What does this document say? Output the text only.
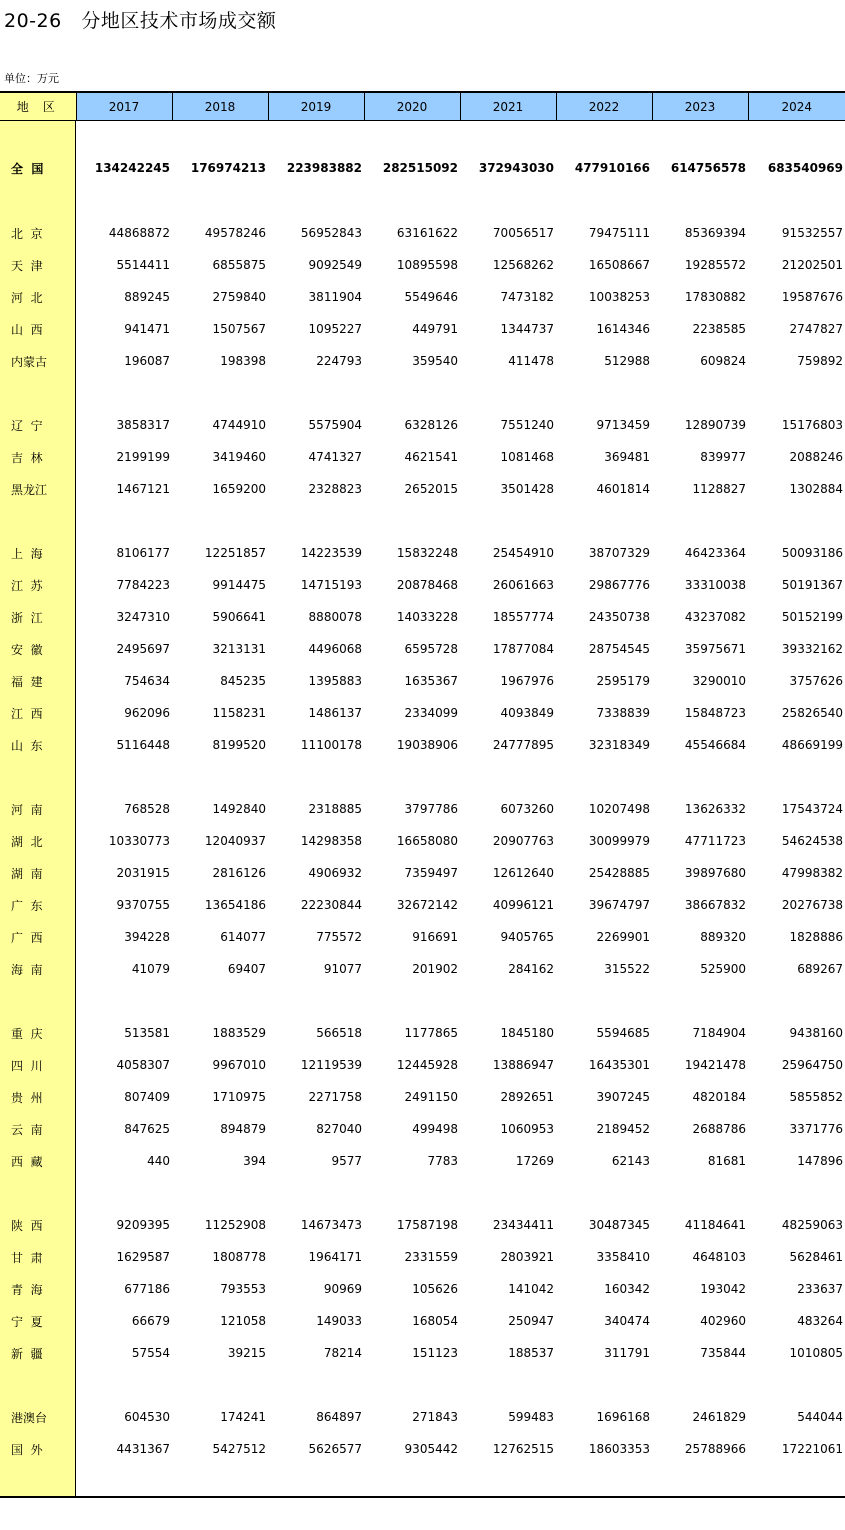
20-26   分地区技术市场成交额
单位：万元
地区	2017	2018	2019	2020	2021	2022	2023	2024

全  国	134242245	176974213	223983882	282515092	372943030	477910166	614756578	683540969

北  京	44868872	49578246	56952843	63161622	70056517	79475111	85369394	91532557
天  津	5514411	6855875	9092549	10895598	12568262	16508667	19285572	21202501
河  北	889245	2759840	3811904	5549646	7473182	10038253	17830882	19587676
山  西	941471	1507567	1095227	449791	1344737	1614346	2238585	2747827
内蒙古	196087	198398	224793	359540	411478	512988	609824	759892

辽  宁	3858317	4744910	5575904	6328126	7551240	9713459	12890739	15176803
吉  林	2199199	3419460	4741327	4621541	1081468	369481	839977	2088246
黑龙江	1467121	1659200	2328823	2652015	3501428	4601814	1128827	1302884

上  海	8106177	12251857	14223539	15832248	25454910	38707329	46423364	50093186
江  苏	7784223	9914475	14715193	20878468	26061663	29867776	33310038	50191367
浙  江	3247310	5906641	8880078	14033228	18557774	24350738	43237082	50152199
安  徽	2495697	3213131	4496068	6595728	17877084	28754545	35975671	39332162
福  建	754634	845235	1395883	1635367	1967976	2595179	3290010	3757626
江  西	962096	1158231	1486137	2334099	4093849	7338839	15848723	25826540
山  东	5116448	8199520	11100178	19038906	24777895	32318349	45546684	48669199

河  南	768528	1492840	2318885	3797786	6073260	10207498	13626332	17543724
湖  北	10330773	12040937	14298358	16658080	20907763	30099979	47711723	54624538
湖  南	2031915	2816126	4906932	7359497	12612640	25428885	39897680	47998382
广  东	9370755	13654186	22230844	32672142	40996121	39674797	38667832	20276738
广  西	394228	614077	775572	916691	9405765	2269901	889320	1828886
海  南	41079	69407	91077	201902	284162	315522	525900	689267

重  庆	513581	1883529	566518	1177865	1845180	5594685	7184904	9438160
四  川	4058307	9967010	12119539	12445928	13886947	16435301	19421478	25964750
贵  州	807409	1710975	2271758	2491150	2892651	3907245	4820184	5855852
云  南	847625	894879	827040	499498	1060953	2189452	2688786	3371776
西  藏	440	394	9577	7783	17269	62143	81681	147896

陕  西	9209395	11252908	14673473	17587198	23434411	30487345	41184641	48259063
甘  肃	1629587	1808778	1964171	2331559	2803921	3358410	4648103	5628461
青  海	677186	793553	90969	105626	141042	160342	193042	233637
宁  夏	66679	121058	149033	168054	250947	340474	402960	483264
新  疆	57554	39215	78214	151123	188537	311791	735844	1010805

港澳台	604530	174241	864897	271843	599483	1696168	2461829	544044
国  外	4431367	5427512	5626577	9305442	12762515	18603353	25788966	17221061
